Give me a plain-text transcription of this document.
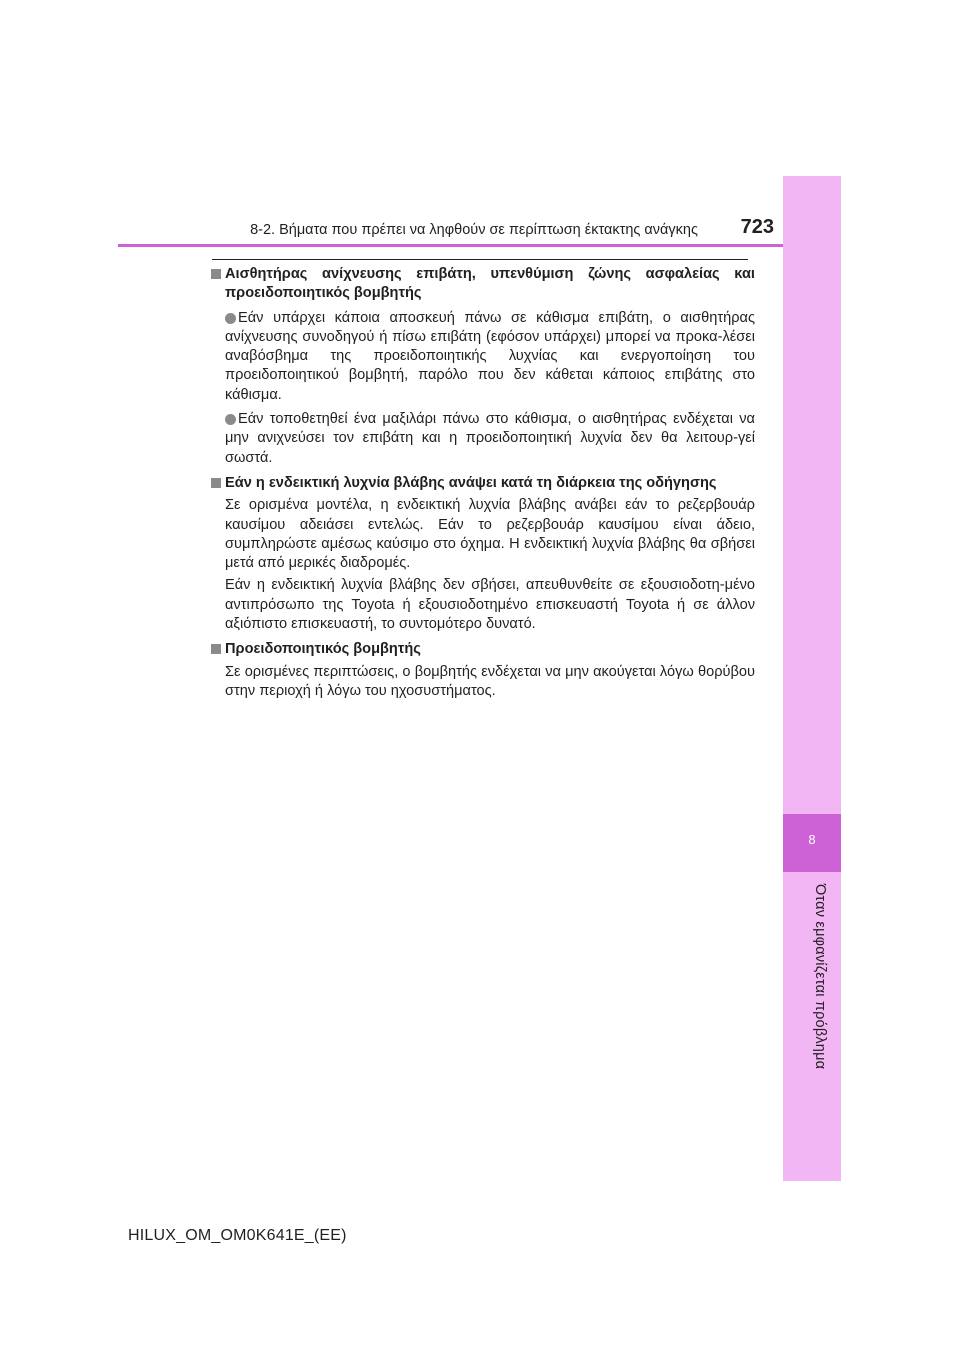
8
Όταν εμφανίζεται πρόβλημα
8-2. Βήματα που πρέπει να ληφθούν σε περίπτωση έκτακτης ανάγκης 723

Αισθητήρας ανίχνευσης επιβάτη, υπενθύμιση ζώνης ασφαλείας και προειδοποιητικός βομβητής

Εάν υπάρχει κάποια αποσκευή πάνω σε κάθισμα επιβάτη, ο αισθητήρας ανίχνευσης συνοδηγού ή πίσω επιβάτη (εφόσον υπάρχει) μπορεί να προκα-λέσει αναβόσβημα της προειδοποιητικής λυχνίας και ενεργοποίηση του προειδοποιητικού βομβητή, παρόλο που δεν κάθεται κάποιος επιβάτης στο κάθισμα.

Εάν τοποθετηθεί ένα μαξιλάρι πάνω στο κάθισμα, ο αισθητήρας ενδέχεται να μην ανιχνεύσει τον επιβάτη και η προειδοποιητική λυχνία δεν θα λειτουρ-γεί σωστά.

Εάν η ενδεικτική λυχνία βλάβης ανάψει κατά τη διάρκεια της οδήγησης

Σε ορισμένα μοντέλα, η ενδεικτική λυχνία βλάβης ανάβει εάν το ρεζερβουάρ καυσίμου αδειάσει εντελώς. Εάν το ρεζερβουάρ καυσίμου είναι άδειο, συμπληρώστε αμέσως καύσιμο στο όχημα. Η ενδεικτική λυχνία βλάβης θα σβήσει μετά από μερικές διαδρομές.

Εάν η ενδεικτική λυχνία βλάβης δεν σβήσει, απευθυνθείτε σε εξουσιοδοτη-μένο αντιπρόσωπο της Toyota ή εξουσιοδοτημένο επισκευαστή Toyota ή σε άλλον αξιόπιστο επισκευαστή, το συντομότερο δυνατό.

Προειδοποιητικός βομβητής

Σε ορισμένες περιπτώσεις, ο βομβητής ενδέχεται να μην ακούγεται λόγω θορύβου στην περιοχή ή λόγω του ηχοσυστήματος.

HILUX_OM_OM0K641E_(EE)
